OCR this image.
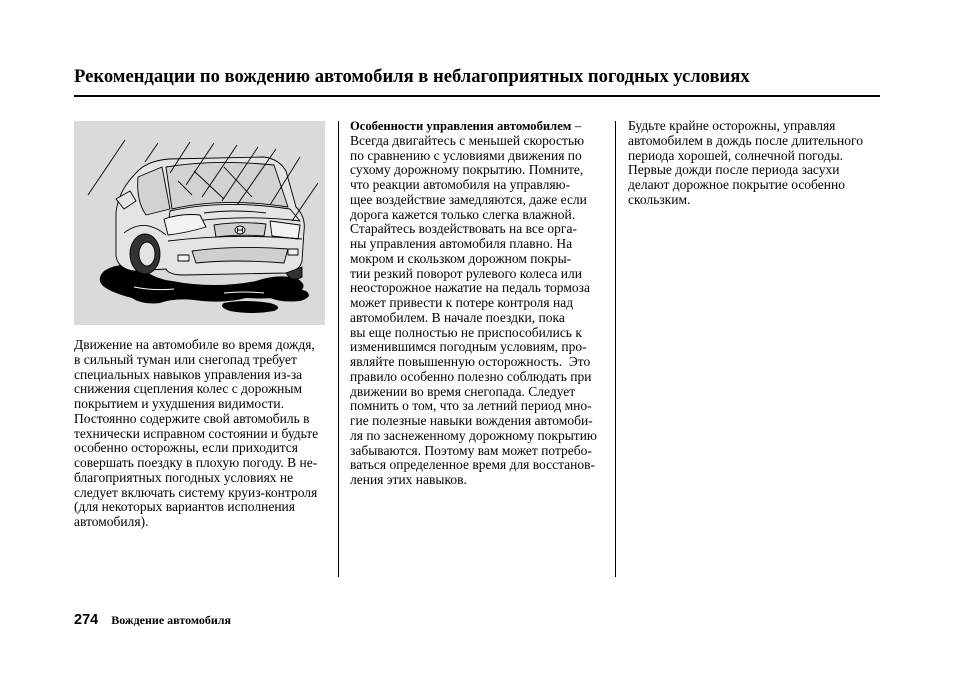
Рекомендации по вождению автомобиля в неблагоприятных погодных условиях
Движение на автомобиле во время дождя,
в сильный туман или снегопад требует
специальных навыков управления из-за
снижения сцепления колес с дорожным
покрытием и ухудшения видимости.
Постоянно содержите свой автомобиль в
технически исправном состоянии и будьте
особенно осторожны, если приходится
совершать поездку в плохую погоду. В не-
благоприятных погодных условиях не
следует включать систему круиз-контроля
(для некоторых вариантов исполнения
автомобиля).
Особенности управления автомобилем –
Всегда двигайтесь с меньшей скоростью
по сравнению с условиями движения по
сухому дорожному покрытию. Помните,
что реакции автомобиля на управляю-
щее воздействие замедляются, даже если
дорога кажется только слегка влажной.
Старайтесь воздействовать на все орга-
ны управления автомобиля плавно. На
мокром и скользком дорожном покры-
тии резкий поворот рулевого колеса или
неосторожное нажатие на педаль тормоза
может привести к потере контроля над
автомобилем. В начале поездки, пока
вы еще полностью не приспособились к
изменившимся погодным условиям, про-
являйте повышенную осторожность.  Это
правило особенно полезно соблюдать при
движении во время снегопада. Следует
помнить о том, что за летний период мно-
гие полезные навыки вождения автомоби-
ля по заснеженному дорожному покрытию
забываются. Поэтому вам может потребо-
ваться определенное время для восстанов-
ления этих навыков.
Будьте крайне осторожны, управляя
автомобилем в дождь после длительного
периода хорошей, солнечной погоды.
Первые дожди после периода засухи
делают дорожное покрытие особенно
скользким.
274 Вождение автомобиля
